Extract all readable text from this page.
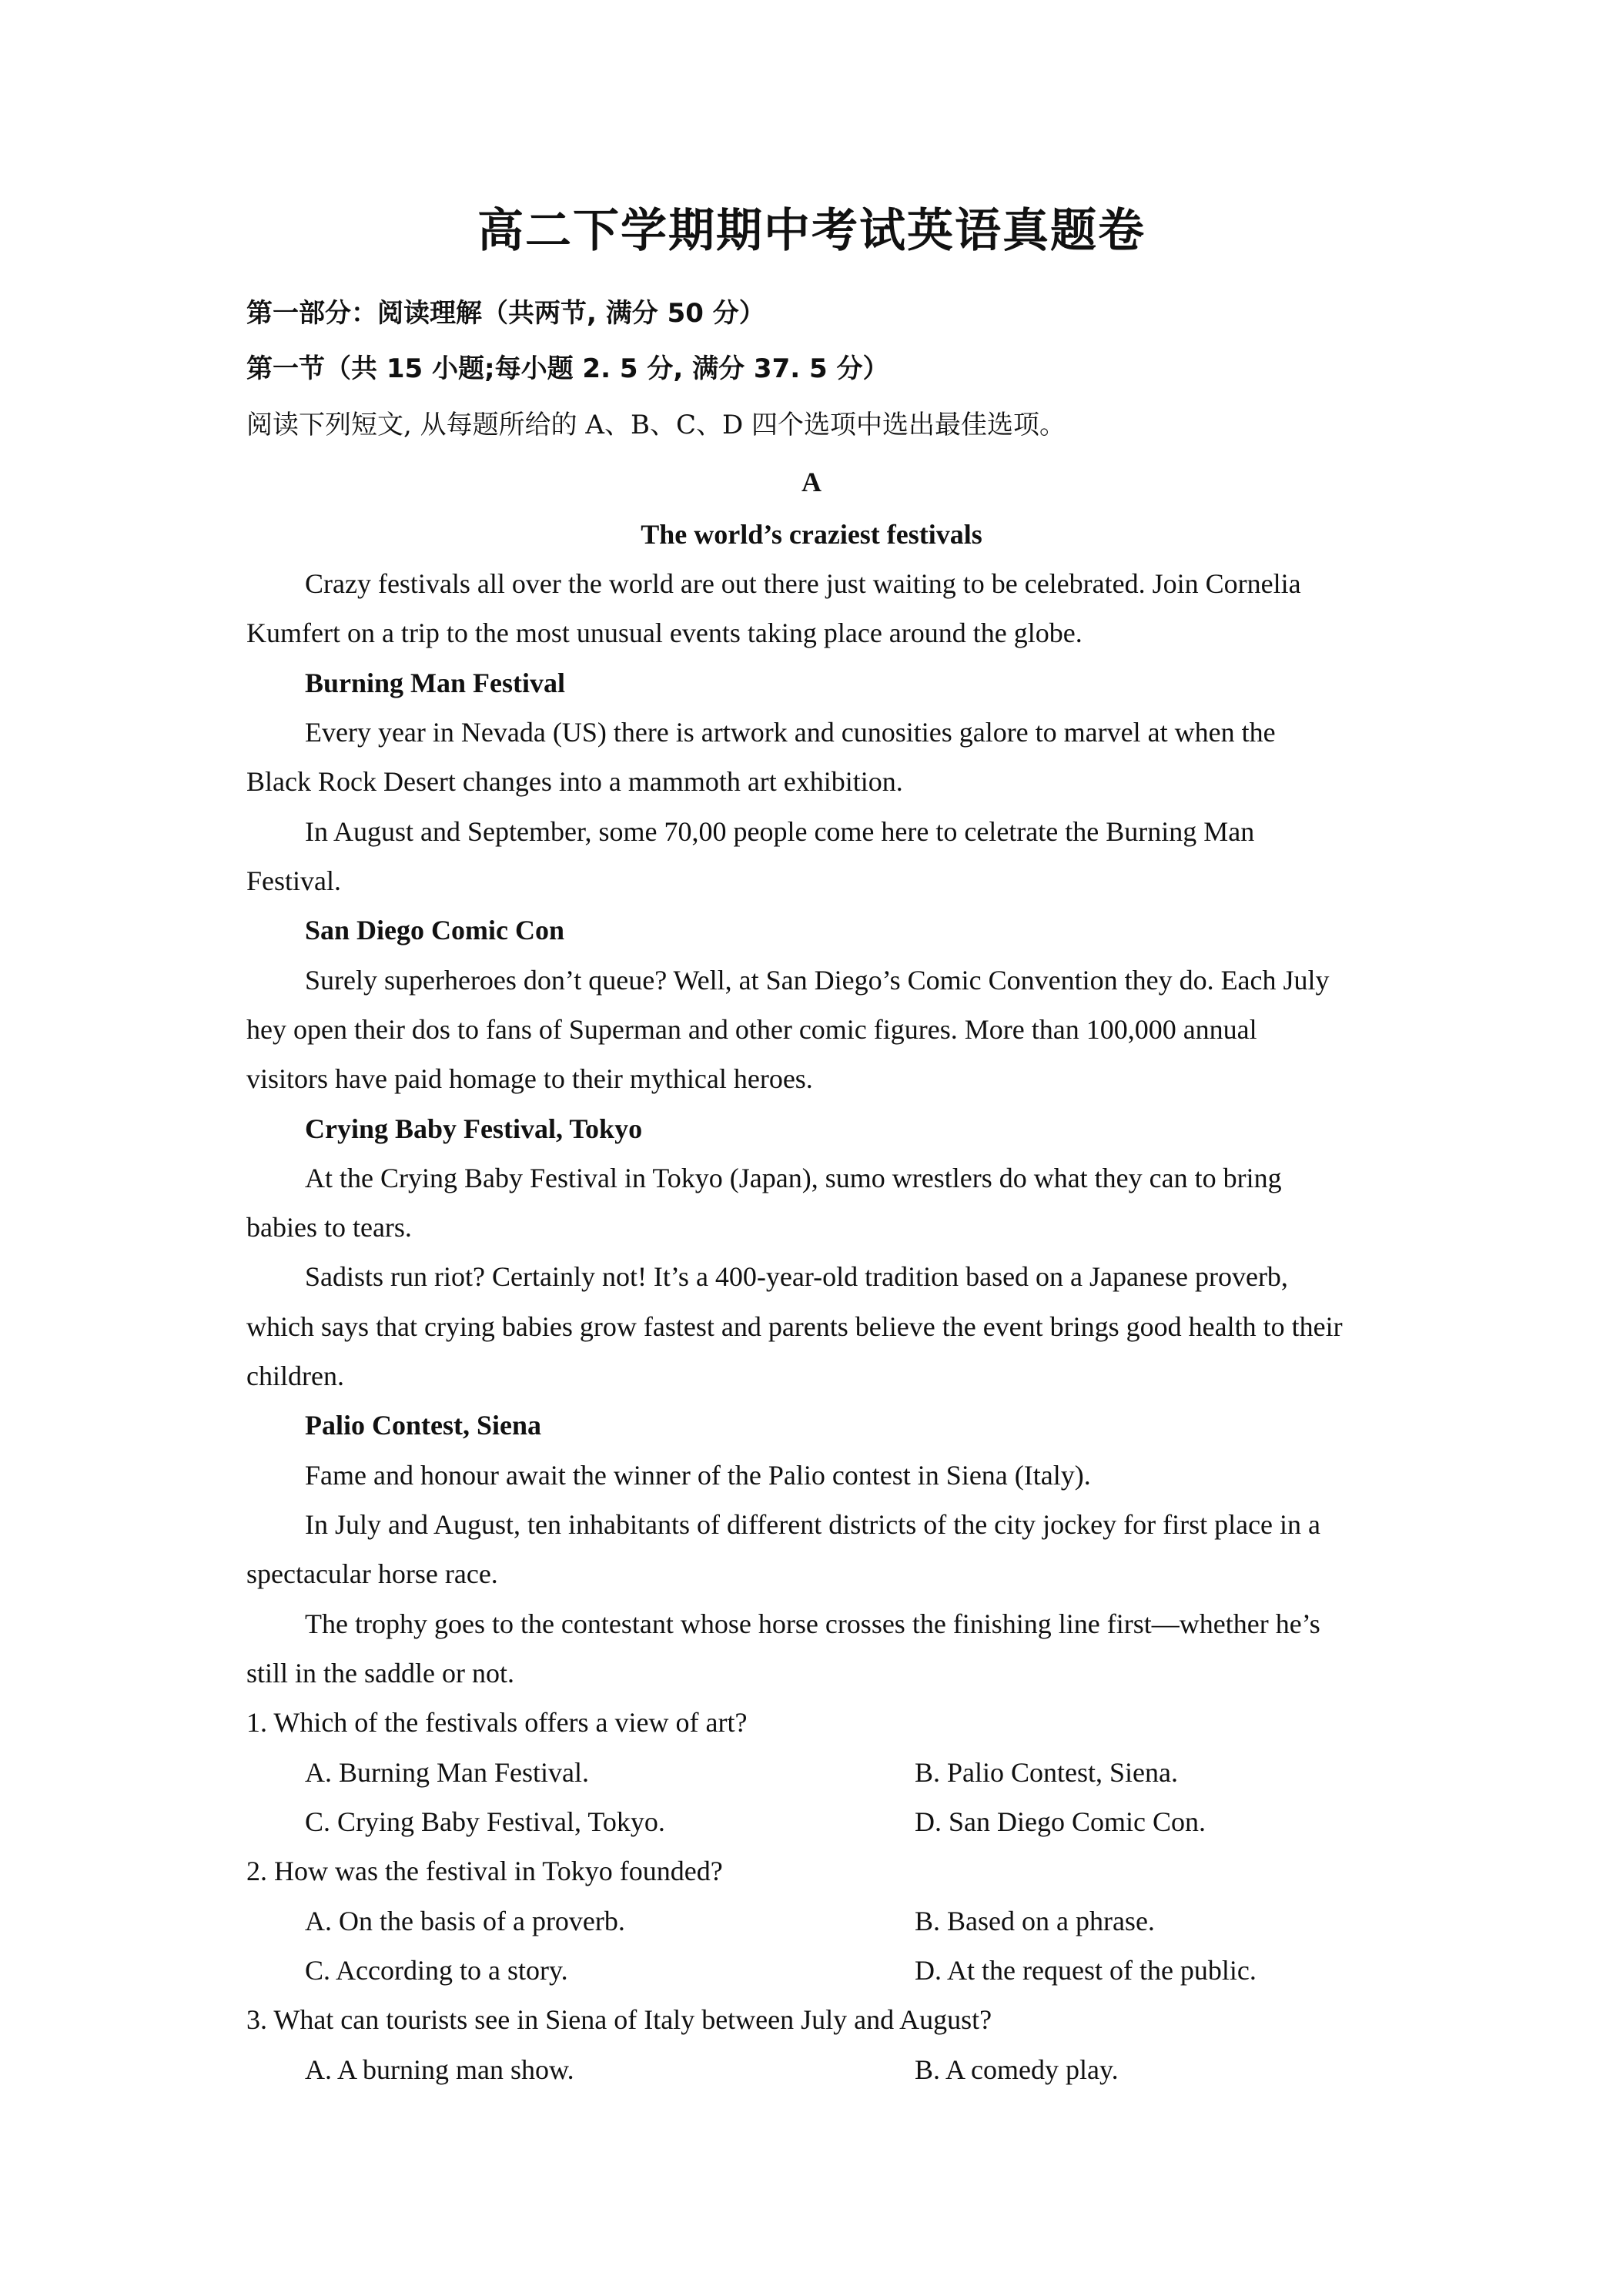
高二下学期期中考试英语真题卷
第一部分：阅读理解（共两节, 满分 50 分）
第一节（共 15 小题;每小题 2. 5 分, 满分 37. 5 分）
阅读下列短文, 从每题所给的 A、B、C、D 四个选项中选出最佳选项。
A
The world’s craziest festivals
Crazy festivals all over the world are out there just waiting to be celebrated. Join Cornelia
Kumfert on a trip to the most unusual events taking place around the globe.
Burning Man Festival
Every year in Nevada (US) there is artwork and cunosities galore to marvel at when the
Black Rock Desert changes into a mammoth art exhibition.
In August and September, some 70,00 people come here to celetrate the Burning Man
Festival.
San Diego Comic Con
Surely superheroes don’t queue? Well, at San Diego’s Comic Convention they do. Each July
hey open their dos to fans of Superman and other comic figures. More than 100,000 annual
visitors have paid homage to their mythical heroes.
Crying Baby Festival, Tokyo
At the Crying Baby Festival in Tokyo (Japan), sumo wrestlers do what they can to bring
babies to tears.
Sadists run riot? Certainly not! It’s a 400-year-old tradition based on a Japanese proverb,
which says that crying babies grow fastest and parents believe the event brings good health to their
children.
Palio Contest, Siena
Fame and honour await the winner of the Palio contest in Siena (Italy).
In July and August, ten inhabitants of different districts of the city jockey for first place in a
spectacular horse race.
The trophy goes to the contestant whose horse crosses the finishing line first—whether he’s
still in the saddle or not.
1. Which of the festivals offers a view of art?
A. Burning Man Festival.	B. Palio Contest, Siena.
C. Crying Baby Festival, Tokyo.	D. San Diego Comic Con.
2. How was the festival in Tokyo founded?
A. On the basis of a proverb.	B. Based on a phrase.
C. According to a story.	D. At the request of the public.
3. What can tourists see in Siena of Italy between July and August?
A. A burning man show.	B. A comedy play.
